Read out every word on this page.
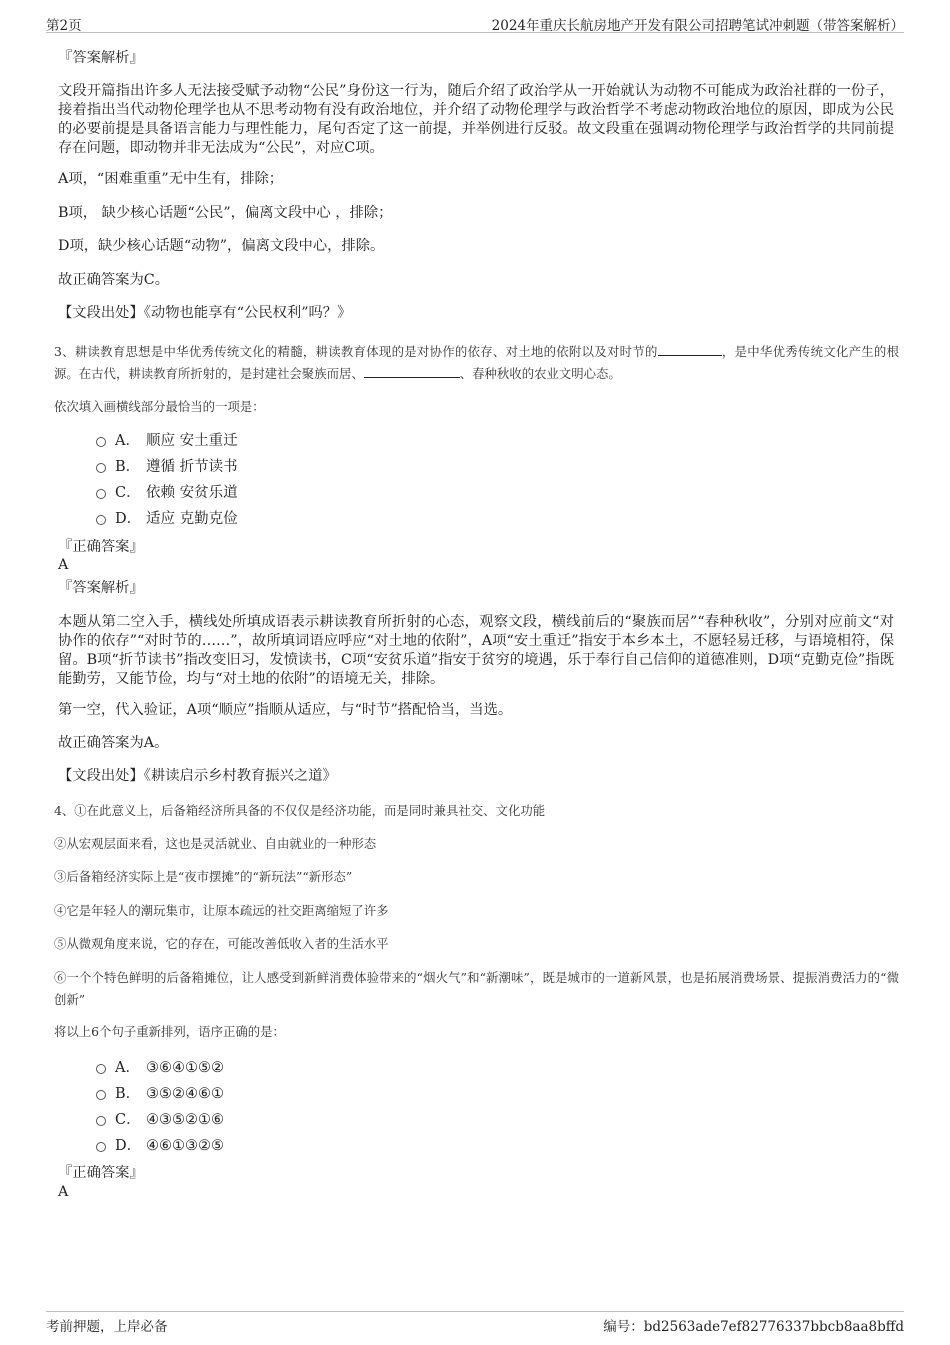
第2页	2024年重庆长航房地产开发有限公司招聘笔试冲刺题（带答案解析）
『答案解析』

文段开篇指出许多人无法接受赋予动物“公民”身份这一行为，随后介绍了政治学从一开始就认为动物不可能成为政治社群的一份子，接着指出当代动物伦理学也从不思考动物有没有政治地位，并介绍了动物伦理学与政治哲学不考虑动物政治地位的原因，即成为公民的必要前提是具备语言能力与理性能力，尾句否定了这一前提，并举例进行反驳。故文段重在强调动物伦理学与政治哲学的共同前提存在问题，即动物并非无法成为“公民”，对应C项。

A项，“困难重重”无中生有，排除；
B项， 缺少核心话题“公民”，偏离文段中心 ，排除；
D项，缺少核心话题“动物”，偏离文段中心，排除。
故正确答案为C。
【文段出处】《动物也能享有“公民权利”吗？》

3、耕读教育思想是中华优秀传统文化的精髓，耕读教育体现的是对协作的依存、对土地的依附以及对时节的	，是中华优秀传统文化产生的根源。在古代，耕读教育所折射的，是封建社会聚族而居、	、春种秋收的农业文明心态。

依次填入画横线部分最恰当的一项是：
A． 顺应 安土重迁
B． 遵循 折节读书
C． 依赖 安贫乐道
D． 适应 克勤克俭
『正确答案』
A
『答案解析』

本题从第二空入手，横线处所填成语表示耕读教育所折射的心态，观察文段，横线前后的“聚族而居”“春种秋收”，分别对应前文“对协作的依存”“对时节的……”，故所填词语应呼应“对土地的依附”，A项“安土重迁”指安于本乡本土，不愿轻易迁移，与语境相符，保留。B项“折节读书”指改变旧习，发愤读书，C项“安贫乐道”指安于贫穷的境遇，乐于奉行自己信仰的道德准则，D项“克勤克俭”指既能勤劳，又能节俭，均与“对土地的依附”的语境无关，排除。

第一空，代入验证，A项“顺应”指顺从适应，与“时节”搭配恰当，当选。
故正确答案为A。
【文段出处】《耕读启示乡村教育振兴之道》
4、①在此意义上，后备箱经济所具备的不仅仅是经济功能，而是同时兼具社交、文化功能
②从宏观层面来看，这也是灵活就业、自由就业的一种形态
③后备箱经济实际上是“夜市摆摊”的“新玩法”“新形态”
④它是年轻人的潮玩集市，让原本疏远的社交距离缩短了许多
⑤从微观角度来说，它的存在，可能改善低收入者的生活水平

⑥一个个特色鲜明的后备箱摊位，让人感受到新鲜消费体验带来的“烟火气”和“新潮味”，既是城市的一道新风景，也是拓展消费场景、提振消费活力的“微创新”

将以上6个句子重新排列，语序正确的是：
A． ③⑥④①⑤②
B． ③⑤②④⑥①
C． ④③⑤②①⑥
D． ④⑥①③②⑤
『正确答案』
A
考前押题，上岸必备	编号：bd2563ade7ef82776337bbcb8aa8bffd
